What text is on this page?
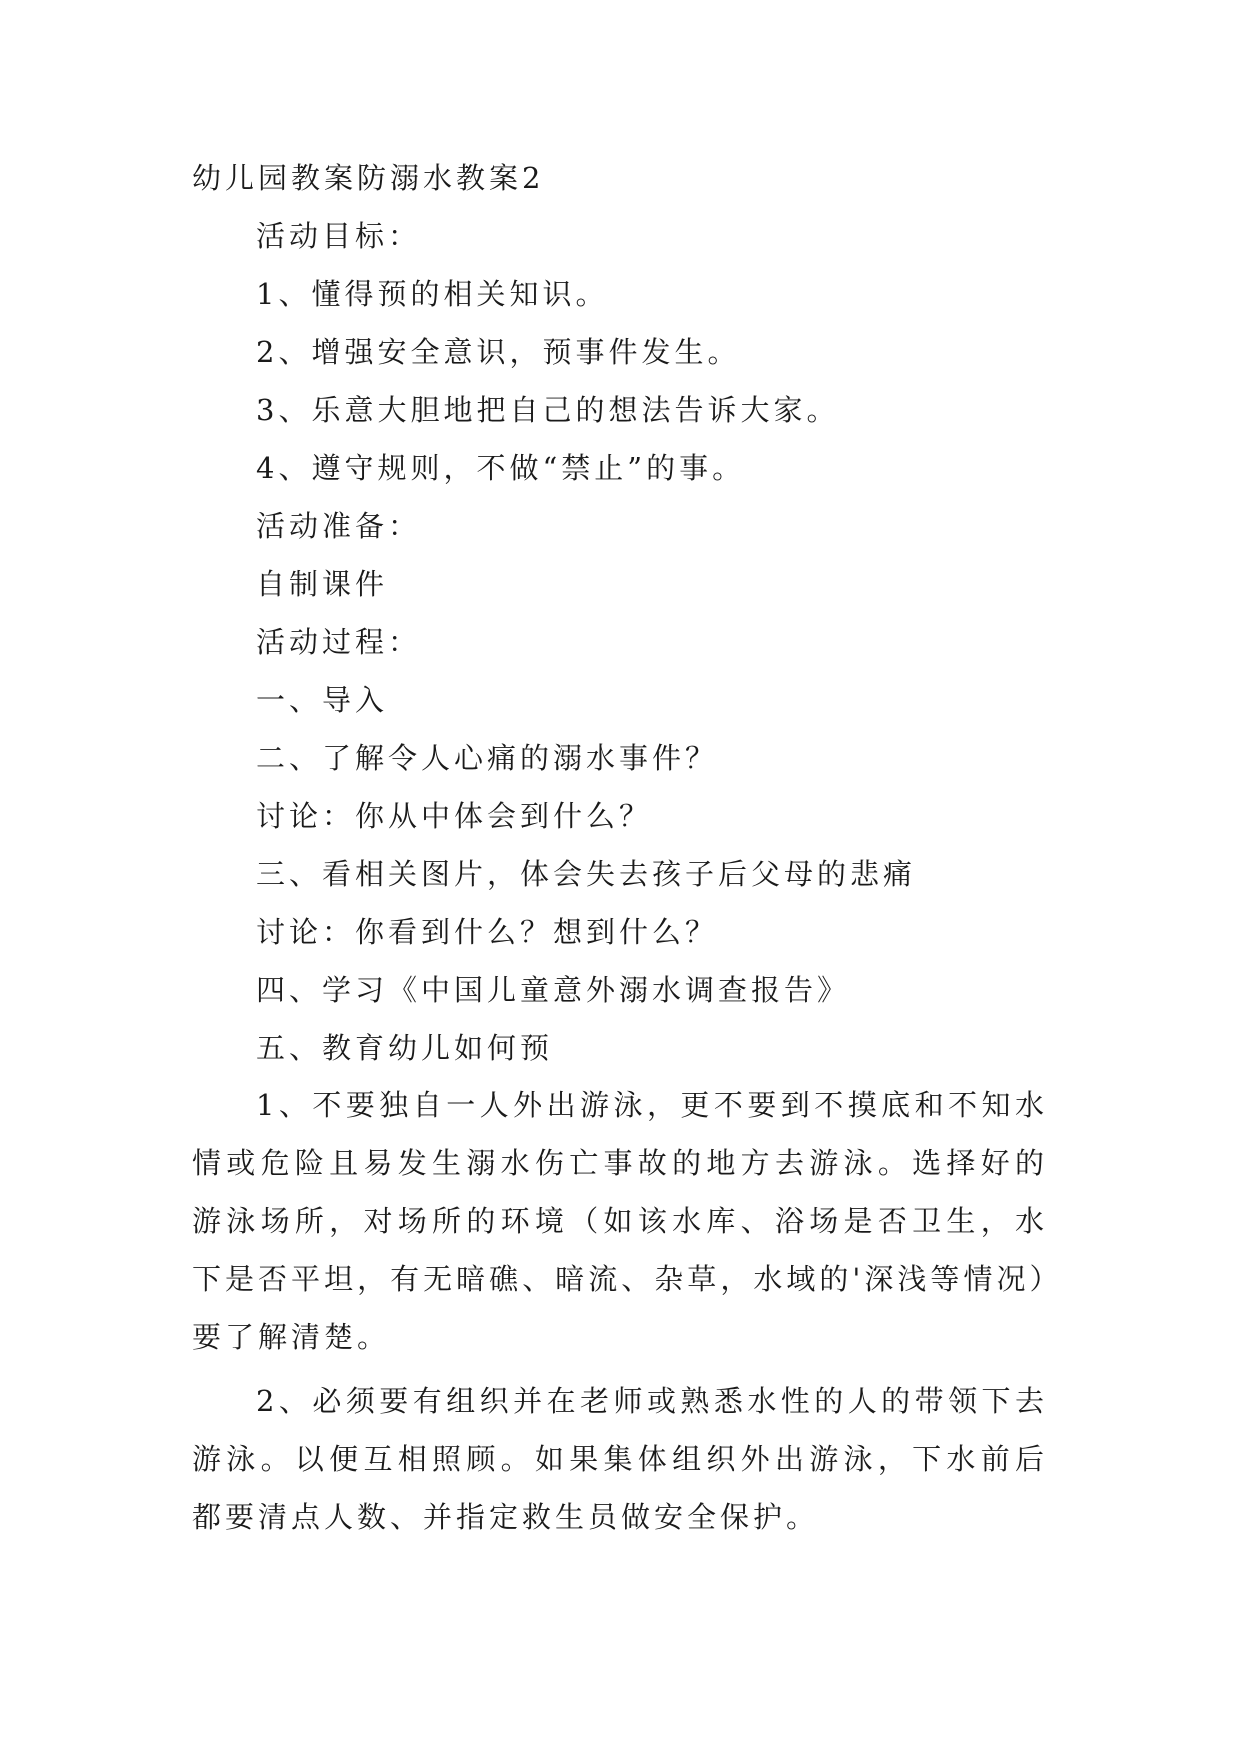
幼儿园教案防溺水教案2
活动目标：
1、懂得预的相关知识。
2、增强安全意识，预事件发生。
3、乐意大胆地把自己的想法告诉大家。
4、遵守规则，不做“禁止”的事。
活动准备：
自制课件
活动过程：
一、导入
二、了解令人心痛的溺水事件？
讨论：你从中体会到什么？
三、看相关图片，体会失去孩子后父母的悲痛
讨论：你看到什么？想到什么？
四、学习《中国儿童意外溺水调查报告》
五、教育幼儿如何预

1、不要独自一人外出游泳，更不要到不摸底和不知水情或危险且易发生溺水伤亡事故的地方去游泳。选择好的游泳场所，对场所的环境（如该水库、浴场是否卫生，水下是否平坦，有无暗礁、暗流、杂草，水域的'深浅等情况）要了解清楚。

2、必须要有组织并在老师或熟悉水性的人的带领下去游泳。以便互相照顾。如果集体组织外出游泳，下水前后都要清点人数、并指定救生员做安全保护。
